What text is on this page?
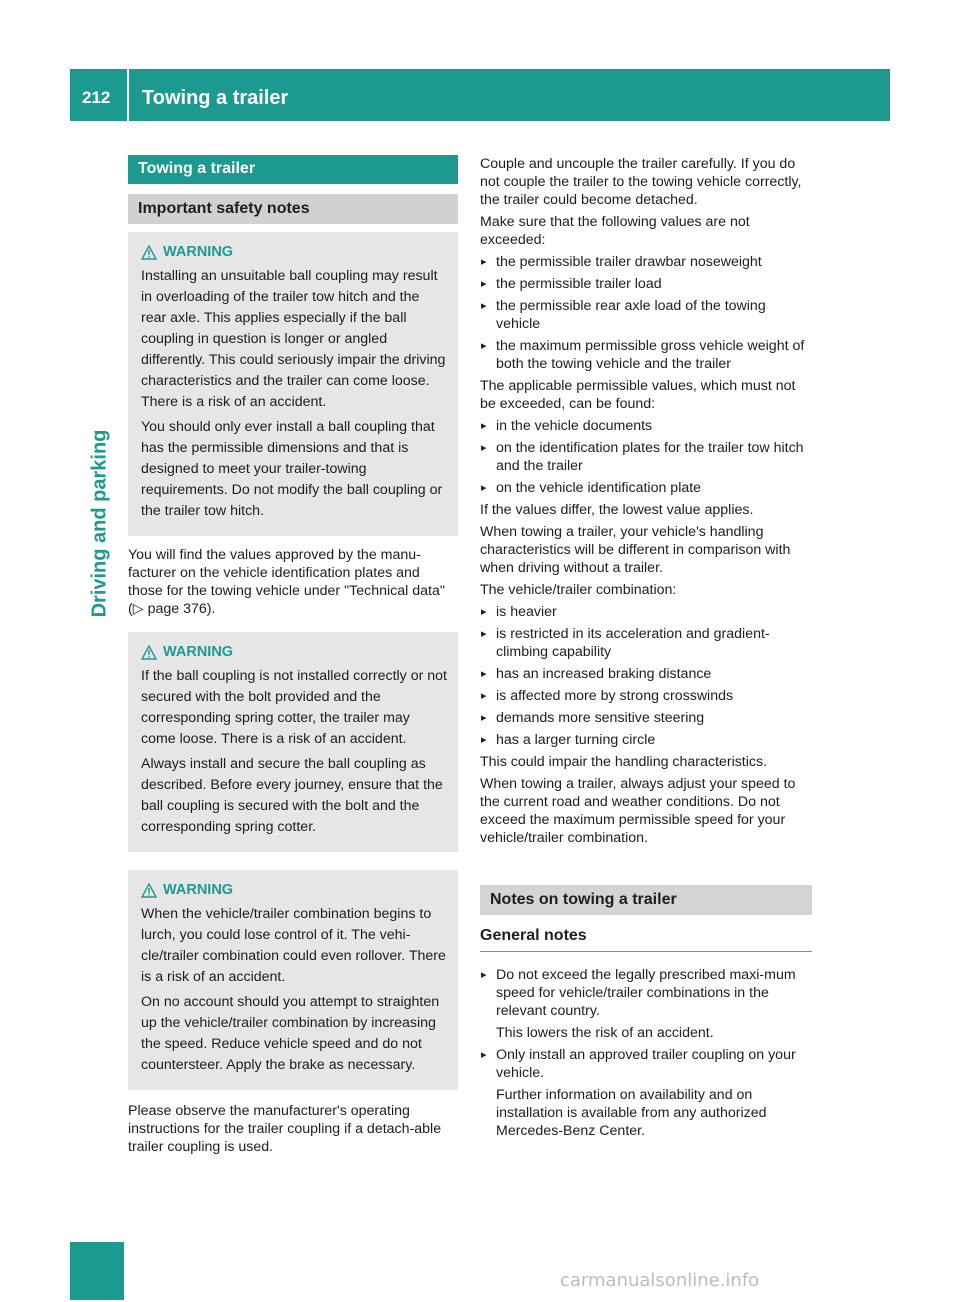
212 Towing a trailer
Driving and parking
Towing a trailer
Important safety notes
WARNING

Installing an unsuitable ball coupling may result in overloading of the trailer tow hitch and the rear axle. This applies especially if the ball coupling in question is longer or angled differently. This could seriously impair the driving characteristics and the trailer can come loose. There is a risk of an accident.

You should only ever install a ball coupling that has the permissible dimensions and that is designed to meet your trailer-towing requirements. Do not modify the ball coupling or the trailer tow hitch.

You will find the values approved by the manu-facturer on the vehicle identification plates and those for the towing vehicle under "Technical data" (▷ page 376).

WARNING

If the ball coupling is not installed correctly or not secured with the bolt provided and the corresponding spring cotter, the trailer may come loose. There is a risk of an accident.

Always install and secure the ball coupling as described. Before every journey, ensure that the ball coupling is secured with the bolt and the corresponding spring cotter.

WARNING

When the vehicle/trailer combination begins to lurch, you could lose control of it. The vehi-cle/trailer combination could even rollover. There is a risk of an accident.

On no account should you attempt to straighten up the vehicle/trailer combination by increasing the speed. Reduce vehicle speed and do not countersteer. Apply the brake as necessary.

Please observe the manufacturer's operating instructions for the trailer coupling if a detach-able trailer coupling is used.

Couple and uncouple the trailer carefully. If you do not couple the trailer to the towing vehicle correctly, the trailer could become detached.

Make sure that the following values are not exceeded:

▸ the permissible trailer drawbar noseweight
▸ the permissible trailer load
▸ the permissible rear axle load of the towing vehicle
▸ the maximum permissible gross vehicle weight of both the towing vehicle and the trailer

The applicable permissible values, which must not be exceeded, can be found:

▸ in the vehicle documents
▸ on the identification plates for the trailer tow hitch and the trailer
▸ on the vehicle identification plate

If the values differ, the lowest value applies.

When towing a trailer, your vehicle's handling characteristics will be different in comparison with when driving without a trailer.

The vehicle/trailer combination:

▸ is heavier
▸ is restricted in its acceleration and gradient-climbing capability
▸ has an increased braking distance
▸ is affected more by strong crosswinds
▸ demands more sensitive steering
▸ has a larger turning circle

This could impair the handling characteristics.

When towing a trailer, always adjust your speed to the current road and weather conditions. Do not exceed the maximum permissible speed for your vehicle/trailer combination.

Notes on towing a trailer
General notes
▸ Do not exceed the legally prescribed maxi-mum speed for vehicle/trailer combinations in the relevant country.
This lowers the risk of an accident.
▸ Only install an approved trailer coupling on your vehicle.
Further information on availability and on installation is available from any authorized Mercedes-Benz Center.
carmanualsonline.info
